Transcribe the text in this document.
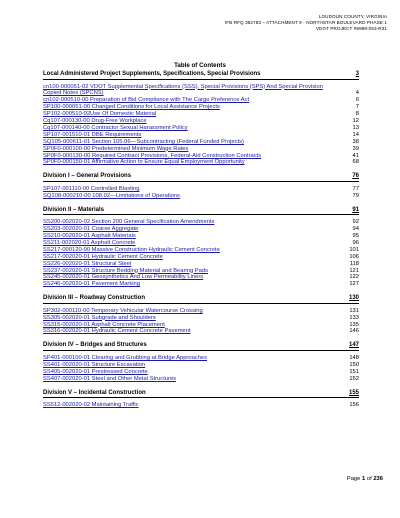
LOUDOUN COUNTY, VIRGINIA
IFB RFQ 382783 – ATTACHMENT 9 - NORTHSTAR BOULEVARD PHASE 1
VDOT PROJECT #9999-053-R31
Table of Contents
Local Administered Project Supplements, Specifications, Special Provisions	3
cn100-000051-02 VDOT Supplemental Specifications (SSS), Special Provisions (SPS) And Special Provision Copied Notes (SPCNS)	4
cn102-000510-00 Preparation of Bid Compliance with The Cargo Preference Act	6
SP100-000051-00 Changed Conditions for Local Assistance Projects	7
SP102-000510-02Use Of Domestic Material	8
Cq107-000130-00 Drug-Free Workplace	12
Cq107-000140-00 Contractor Sexual Harassment Policy	13
SP107-001510-01 DBE Requirements	14
SQ105-000611-01 Section 105.06—Subcontracting (Federal Funded Projects)	38
SP0F0-000100-00 Predetermined Minimum Wage Rates	39
SP0F0-000130-00 Required Contract Provisions, Federal-Aid Construction Contracts	41
SP0F0-000150-01 Affirmative Action to Ensure Equal Employment Opportunity	68
Division I – General Provisions	76
SP107-001110-00 Controlled Blasting	77
SQ108-000210-00 108.02—Limitations of Operations	79
Division II – Materials	91
SS200-002020-02 Section 200 General Specification Amendments	92
SS203-002020-01 Coarse Aggregate	94
SS210-002020-01 Asphalt Materials	95
SS211-002020-01 Asphalt Concrete	96
SS217-000120-00 Massive Construction Hydraulic Cement Concrete	101
SS217-002020-01 Hydraulic Cement Concrete	106
SS226-002020-01 Structural Steel	118
SS237-002020-01 Structure Bedding Material and Bearing Pads	121
SS245-002020-01 Geosynthetics And Low Permeability Liners	122
SS246-002020-01 Pavement Marking	127
Division III – Roadway Construction	130
SP302-000110-00 Temporary Vehicular Watercourse Crossing	131
SS305-002020-01 Subgrade and Shoulders	133
SS315-002020-01 Asphalt Concrete Placement	135
SS316-002020-01 Hydraulic Cement Concrete Pavement	146
Division IV – Bridges and Structures	147
SP401-000100-01 Clearing and Grubbing at Bridge Approaches	148
SS401-002020-01 Structure Excavation	150
SS405-002020-01 Prestressed Concrete	151
SS407-002020-01 Steel and Other Metal Structures	152
Division V – Incidental Construction	155
SS512-002020-02 Maintaining Traffic	156
Page 1 of 236
